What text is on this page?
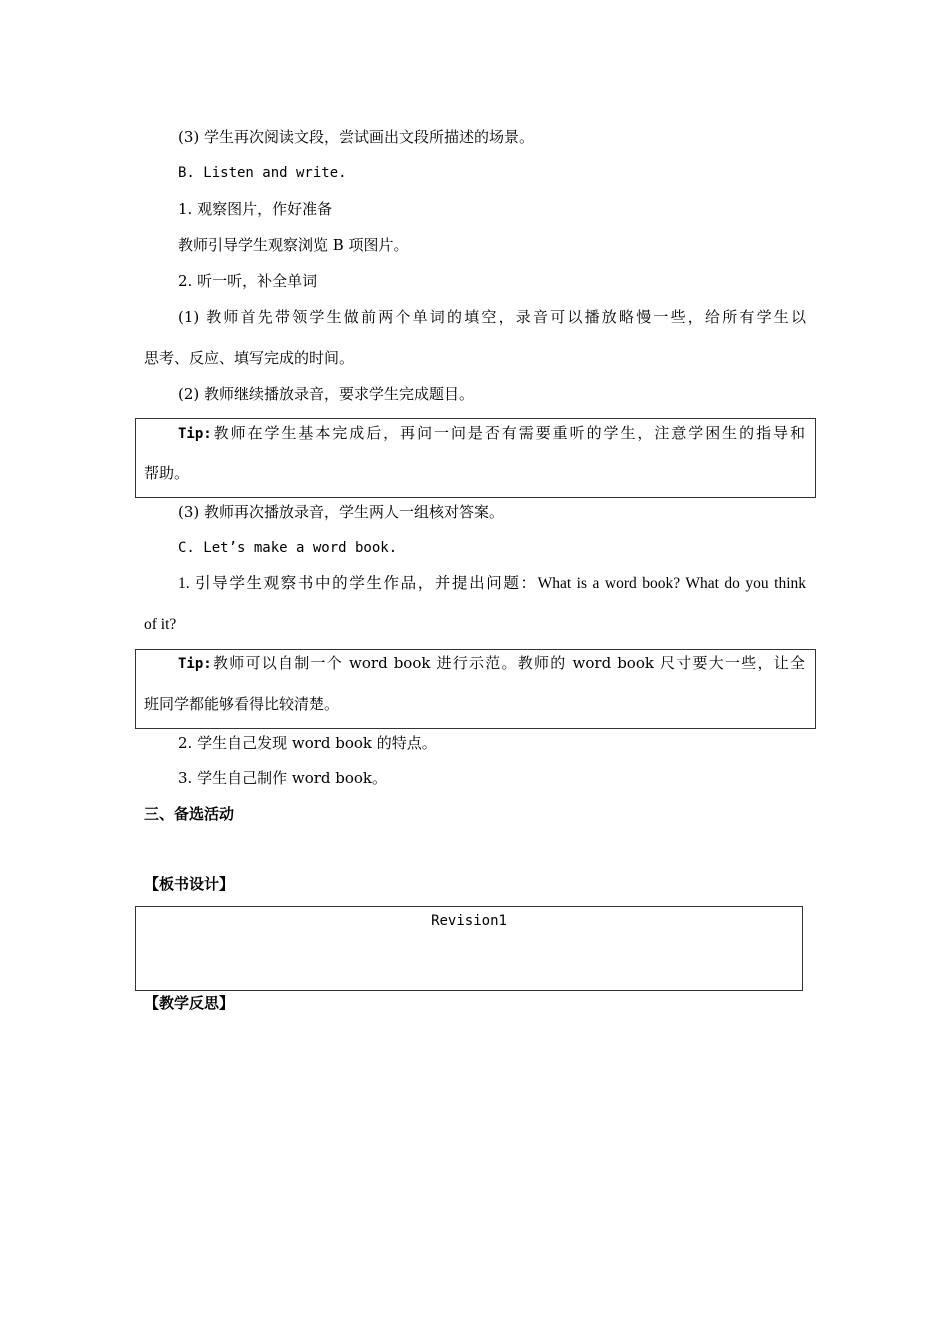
(3) 学生再次阅读文段，尝试画出文段所描述的场景。
B. Listen and write.
1. 观察图片，作好准备
教师引导学生观察浏览 B 项图片。
2. 听一听，补全单词
(1) 教师首先带领学生做前两个单词的填空，录音可以播放略慢一些，给所有学生以
思考、反应、填写完成的时间。
(2) 教师继续播放录音，要求学生完成题目。
Tip:教师在学生基本完成后，再问一问是否有需要重听的学生，注意学困生的指导和
帮助。
(3) 教师再次播放录音，学生两人一组核对答案。
C. Let’s make a word book.
1. 引导学生观察书中的学生作品，并提出问题：What is a word book? What do you think
of it?
Tip:教师可以自制一个 word book 进行示范。教师的 word book 尺寸要大一些，让全
班同学都能够看得比较清楚。
2. 学生自己发现 word book 的特点。
3. 学生自己制作 word book。
三、备选活动
【板书设计】
Revision1
【教学反思】
